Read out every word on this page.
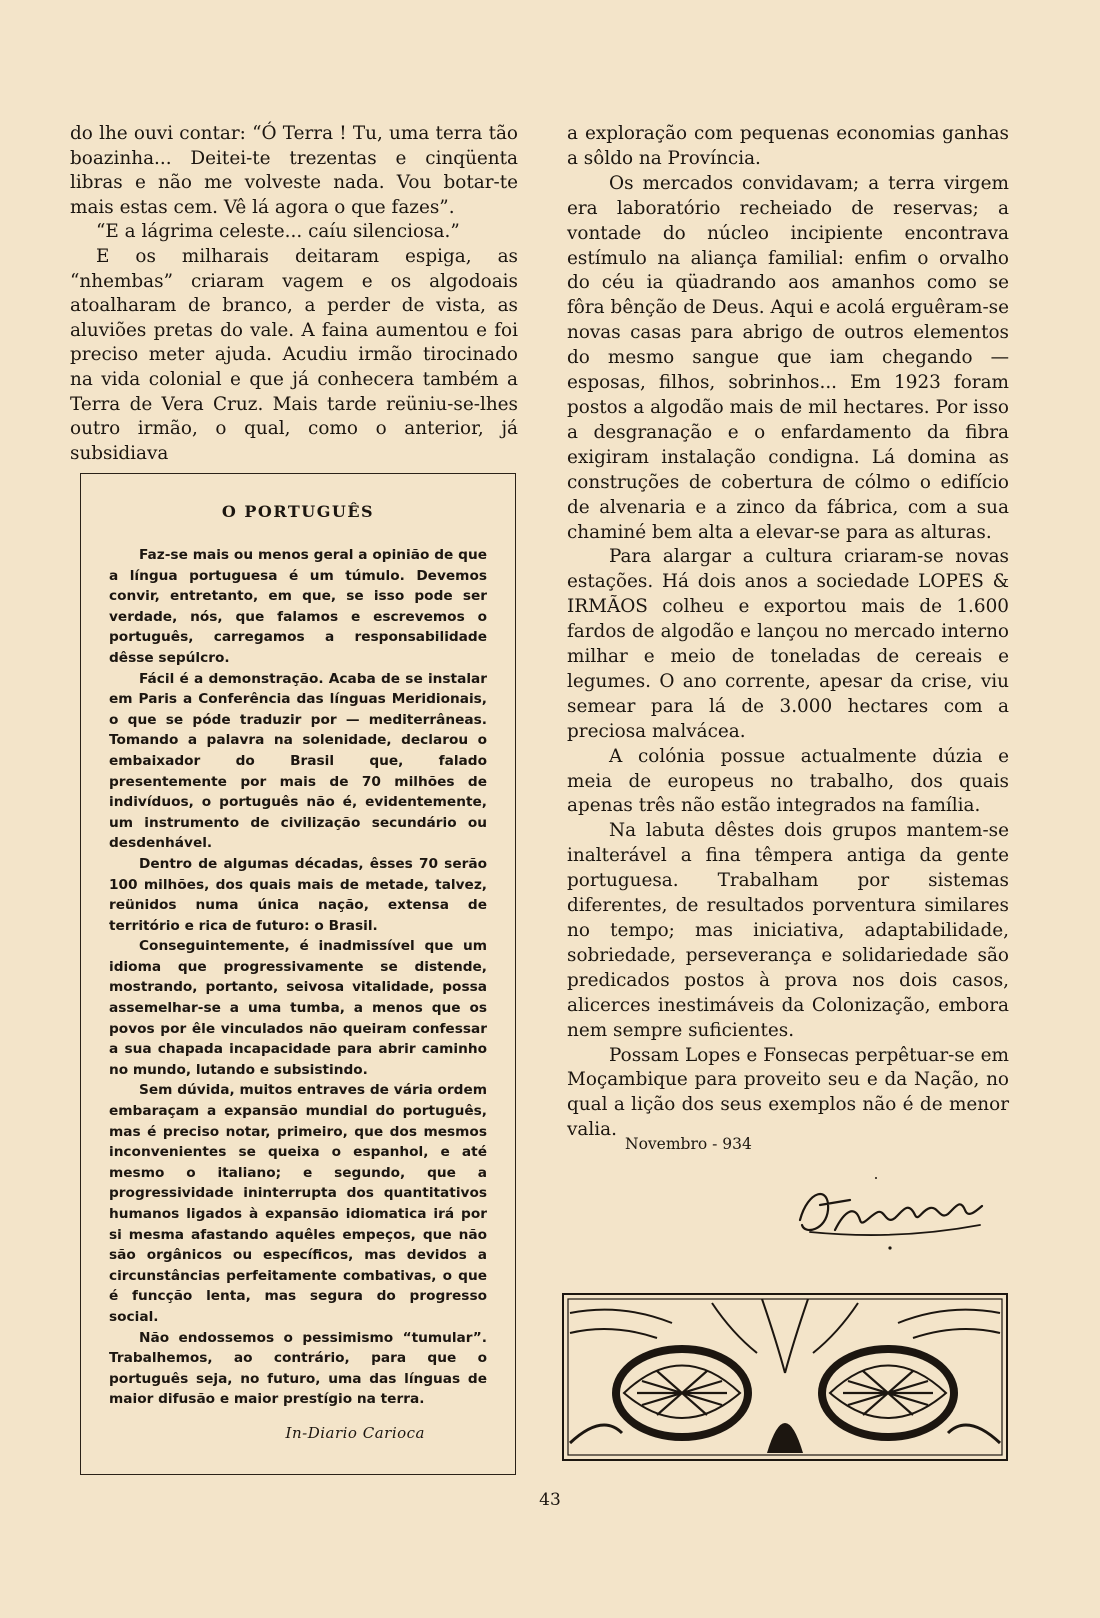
do lhe ouvi contar: “Ó Terra ! Tu, uma terra tão boazinha... Deitei-te trezentas e cinqüenta libras e não me volveste nada. Vou botar-te mais estas cem. Vê lá agora o que fazes”.

“E a lágrima celeste... caíu silenciosa.”

E os milharais deitaram espiga, as “nhembas” criaram vagem e os algodoais atoalharam de branco, a perder de vista, as aluviões pretas do vale. A faina aumentou e foi preciso meter ajuda. Acudiu irmão tirocinado na vida colonial e que já conhecera também a Terra de Vera Cruz. Mais tarde reüniu-se-lhes outro irmão, o qual, como o anterior, já subsidiava

O PORTUGUÊS

Faz-se mais ou menos geral a opinião de que a língua portuguesa é um túmulo. Devemos convir, entretanto, em que, se isso pode ser verdade, nós, que falamos e escrevemos o português, carregamos a responsabilidade dêsse sepúlcro.

Fácil é a demonstração. Acaba de se instalar em Paris a Conferência das línguas Meridionais, o que se póde traduzir por — mediterrâneas. Tomando a palavra na solenidade, declarou o embaixador do Brasil que, falado presentemente por mais de 70 milhões de indivíduos, o português não é, evidentemente, um instrumento de civilização secundário ou desdenhável.

Dentro de algumas décadas, êsses 70 serão 100 milhões, dos quais mais de metade, talvez, reünidos numa única nação, extensa de território e rica de futuro: o Brasil.

Conseguintemente, é inadmissível que um idioma que progressivamente se distende, mostrando, portanto, seivosa vitalidade, possa assemelhar-se a uma tumba, a menos que os povos por êle vinculados não queiram confessar a sua chapada incapacidade para abrir caminho no mundo, lutando e subsistindo.

Sem dúvida, muitos entraves de vária ordem embaraçam a expansão mundial do português, mas é preciso notar, primeiro, que dos mesmos inconvenientes se queixa o espanhol, e até mesmo o italiano; e segundo, que a progressividade ininterrupta dos quantitativos humanos ligados à expansão idiomatica irá por si mesma afastando aquêles empeços, que não são orgânicos ou específicos, mas devidos a circunstâncias perfeitamente combativas, o que é funcção lenta, mas segura do progresso social.

Não endossemos o pessimismo “tumular”. Trabalhemos, ao contrário, para que o português seja, no futuro, uma das línguas de maior difusão e maior prestígio na terra.

In-Diario Carioca

a exploração com pequenas economias ganhas a sôldo na Província.

Os mercados convidavam; a terra virgem era laboratório recheiado de reservas; a vontade do núcleo incipiente encontrava estímulo na aliança familial: enfim o orvalho do céu ia qüadrando aos amanhos como se fôra bênção de Deus. Aqui e acolá erguêram-se novas casas para abrigo de outros elementos do mesmo sangue que iam chegando — esposas, filhos, sobrinhos... Em 1923 foram postos a algodão mais de mil hectares. Por isso a desgranação e o enfardamento da fibra exigiram instalação condigna. Lá domina as construções de cobertura de cólmo o edifício de alvenaria e a zinco da fábrica, com a sua chaminé bem alta a elevar-se para as alturas.

Para alargar a cultura criaram-se novas estações. Há dois anos a sociedade LOPES & IRMÃOS colheu e exportou mais de 1.600 fardos de algodão e lançou no mercado interno milhar e meio de toneladas de cereais e legumes. O ano corrente, apesar da crise, viu semear para lá de 3.000 hectares com a preciosa malvácea.

A colónia possue actualmente dúzia e meia de europeus no trabalho, dos quais apenas três não estão integrados na família.

Na labuta dêstes dois grupos mantem-se inalterável a fina têmpera antiga da gente portuguesa. Trabalham por sistemas diferentes, de resultados porventura similares no tempo; mas iniciativa, adaptabilidade, sobriedade, perseverança e solidariedade são predicados postos à prova nos dois casos, alicerces inestimáveis da Colonização, embora nem sempre suficientes.

Possam Lopes e Fonsecas perpêtuar-se em Moçambique para proveito seu e da Nação, no qual a lição dos seus exemplos não é de menor valia.

Novembro - 934
43
